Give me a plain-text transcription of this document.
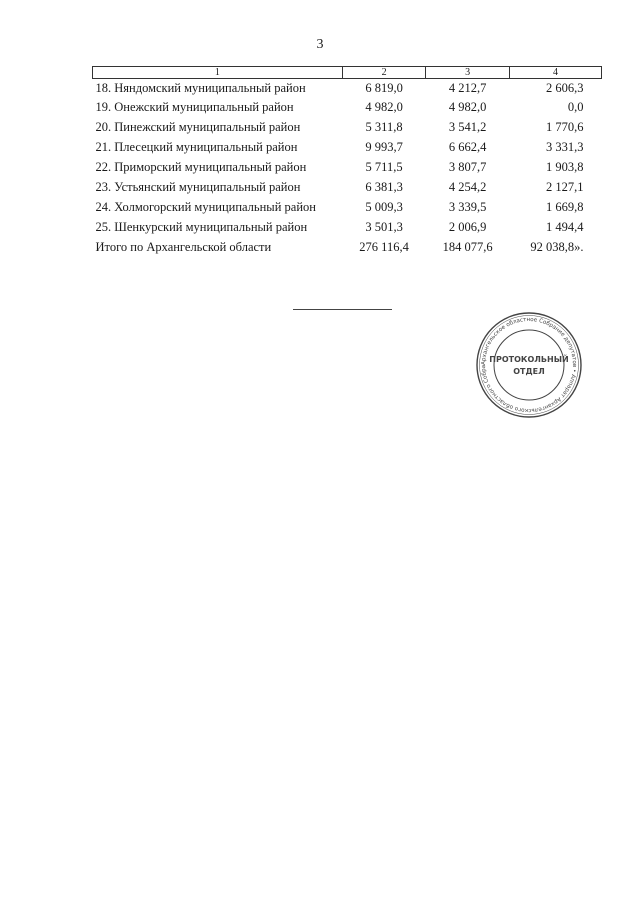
3
1	2	3	4
18. Няндомский муниципальный район	6 819,0	4 212,7	2 606,3
19. Онежский муниципальный район	4 982,0	4 982,0	0,0
20. Пинежский муниципальный район	5 311,8	3 541,2	1 770,6
21. Плесецкий муниципальный район	9 993,7	6 662,4	3 331,3
22. Приморский муниципальный район	5 711,5	3 807,7	1 903,8
23. Устьянский муниципальный район	6 381,3	4 254,2	2 127,1
24. Холмогорский муниципальный район	5 009,3	3 339,5	1 669,8
25. Шенкурский муниципальный район	3 501,3	2 006,9	1 494,4
Итого по Архангельской области	276 116,4	184 077,6	92 038,8».
Архангельское областное Собрание депутатов • Аппарат Архангельского областного Собра
ПРОТОКОЛЬНЫЙ
ОТДЕЛ
